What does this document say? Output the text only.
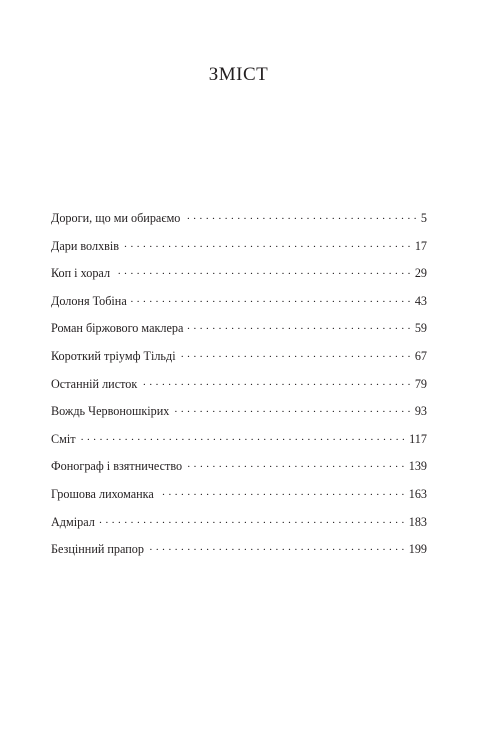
ЗМІСТ
Дороги, що ми обираємо . . .	5
Дари волхвів . . .	17
Коп і хорал . . .	29
Долоня Тобіна . . .	43
Роман біржового маклера . . .	59
Короткий тріумф Тільді . . .	67
Останній листок . . .	79
Вождь Червоношкірих . . .	93
Сміт . . .	117
Фонограф і взятничество . . .	139
Грошова лихоманка . . .	163
Адмірал . . .	183
Безцінний прапор . . .	199
